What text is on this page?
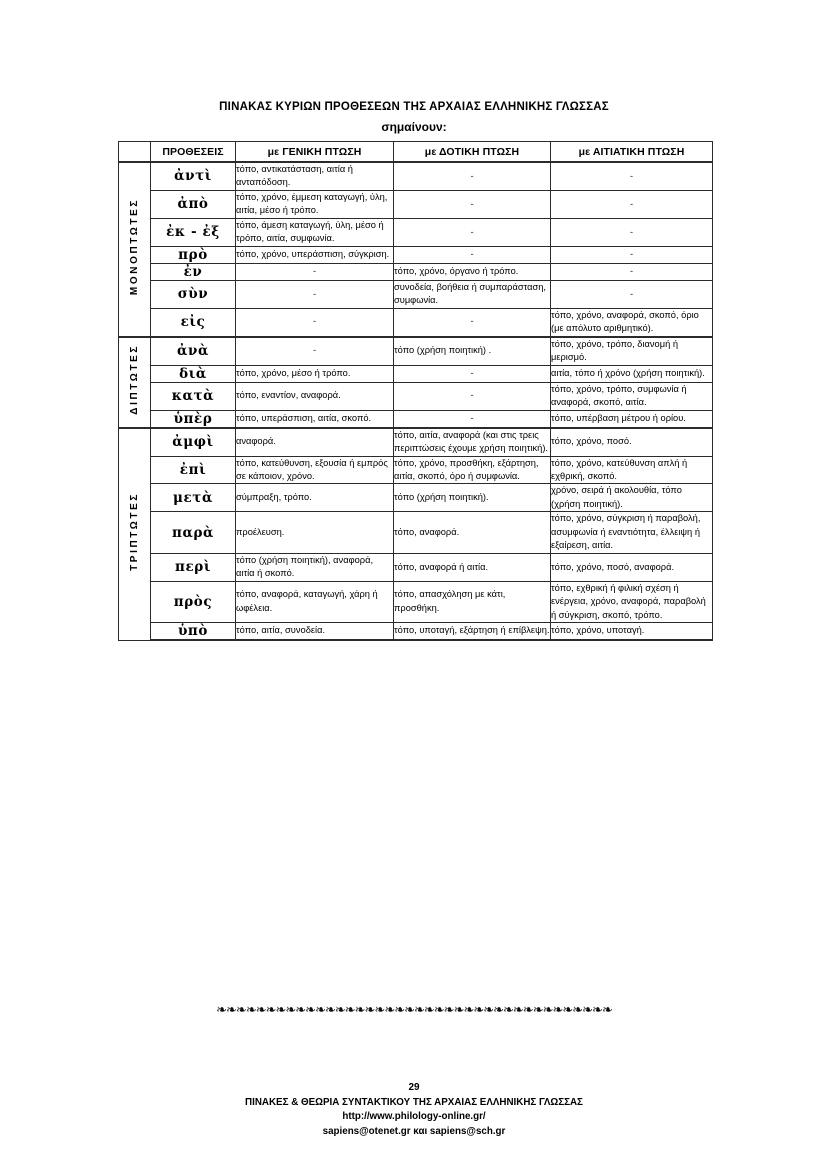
ΠΙΝΑΚΑΣ ΚΥΡΙΩΝ ΠΡΟΘΕΣΕΩΝ ΤΗΣ ΑΡΧΑΙΑΣ ΕΛΛΗΝΙΚΗΣ ΓΛΩΣΣΑΣ
σημαίνουν:
	ΠΡΟΘΕΣΕΙΣ	με ΓΕΝΙΚΗ ΠΤΩΣΗ	με ΔΟΤΙΚΗ ΠΤΩΣΗ	με ΑΙΤΙΑΤΙΚΗ ΠΤΩΣΗ
ΜΟΝΟΠΤΩΤΕΣ	ἀντὶ	τόπο, αντικατάσταση, αιτία ή ανταπόδοση.	-	-
	ἀπὸ	τόπο, χρόνο, έμμεση καταγωγή, ύλη, αιτία, μέσο ή τρόπο.	-	-
	ἐκ - ἐξ	τόπο, άμεση καταγωγή, ύλη, μέσο ή τρόπο, αιτία, συμφωνία.	-	-
	πρὸ	τόπο, χρόνο, υπεράσπιση, σύγκριση.	-	-
	ἐν	-	τόπο, χρόνο, όργανο ή τρόπο.	-
	σὺν	-	συνοδεία, βοήθεια ή συμπαράσταση, συμφωνία.	-
	εἰς	-	-	τόπο, χρόνο, αναφορά, σκοπό, όριο (με απόλυτο αριθμητικό).
ΔΙΠΤΩΤΕΣ	ἀνὰ	-	τόπο (χρήση ποιητική) .	τόπο, χρόνο, τρόπο, διανομή ή μερισμό.
	διὰ	τόπο, χρόνο, μέσο ή τρόπο.	-	αιτία, τόπο ή χρόνο (χρήση ποιητική).
	κατὰ	τόπο, εναντίον, αναφορά.	-	τόπο, χρόνο, τρόπο, συμφωνία ή αναφορά, σκοπό, αιτία.
	ὑπὲρ	τόπο, υπεράσπιση, αιτία, σκοπό.	-	τόπο, υπέρβαση μέτρου ή ορίου.
ΤΡΙΠΤΩΤΕΣ	ἀμφὶ	αναφορά.	τόπο, αιτία, αναφορά (και στις τρεις περιπτώσεις έχουμε χρήση ποιητική).	τόπο, χρόνο, ποσό.
	ἐπὶ	τόπο, κατεύθυνση, εξουσία ή εμπρός σε κάποιον, χρόνο.	τόπο, χρόνο, προσθήκη, εξάρτηση, αιτία, σκοπό, όρο ή συμφωνία.	τόπο, χρόνο, κατεύθυνση απλή ή εχθρική, σκοπό.
	μετὰ	σύμπραξη, τρόπο.	τόπο (χρήση ποιητική).	χρόνο, σειρά ή ακολουθία, τόπο (χρήση ποιητική).
	παρὰ	προέλευση.	τόπο, αναφορά.	τόπο, χρόνο, σύγκριση ή παραβολή, ασυμφωνία ή εναντιότητα, έλλειψη ή εξαίρεση, αιτία.
	περὶ	τόπο (χρήση ποιητική), αναφορά, αιτία ή σκοπό.	τόπο, αναφορά ή αιτία.	τόπο, χρόνο, ποσό, αναφορά.
	πρὸς	τόπο, αναφορά, καταγωγή, χάρη ή ωφέλεια.	τόπο, απασχόληση με κάτι, προσθήκη.	τόπο, εχθρική ή φιλική σχέση ή ενέργεια, χρόνο, αναφορά, παραβολή ή σύγκριση, σκοπό, τρόπο.
	ὑπὸ	τόπο, αιτία, συνοδεία.	τόπο, υποταγή, εξάρτηση ή επίβλεψη.	τόπο, χρόνο, υποταγή.
❧❧❧❧❧❧❧❧❧❧❧❧❧❧❧❧❧❧❧❧❧❧❧❧❧❧❧❧❧❧❧❧❧❧❧❧❧❧❧❧
29
ΠΙΝΑΚΕΣ & ΘΕΩΡΙΑ ΣΥΝΤΑΚΤΙΚΟΥ ΤΗΣ ΑΡΧΑΙΑΣ ΕΛΛΗΝΙΚΗΣ ΓΛΩΣΣΑΣ
http://www.philology-online.gr/
sapiens@otenet.gr και sapiens@sch.gr
